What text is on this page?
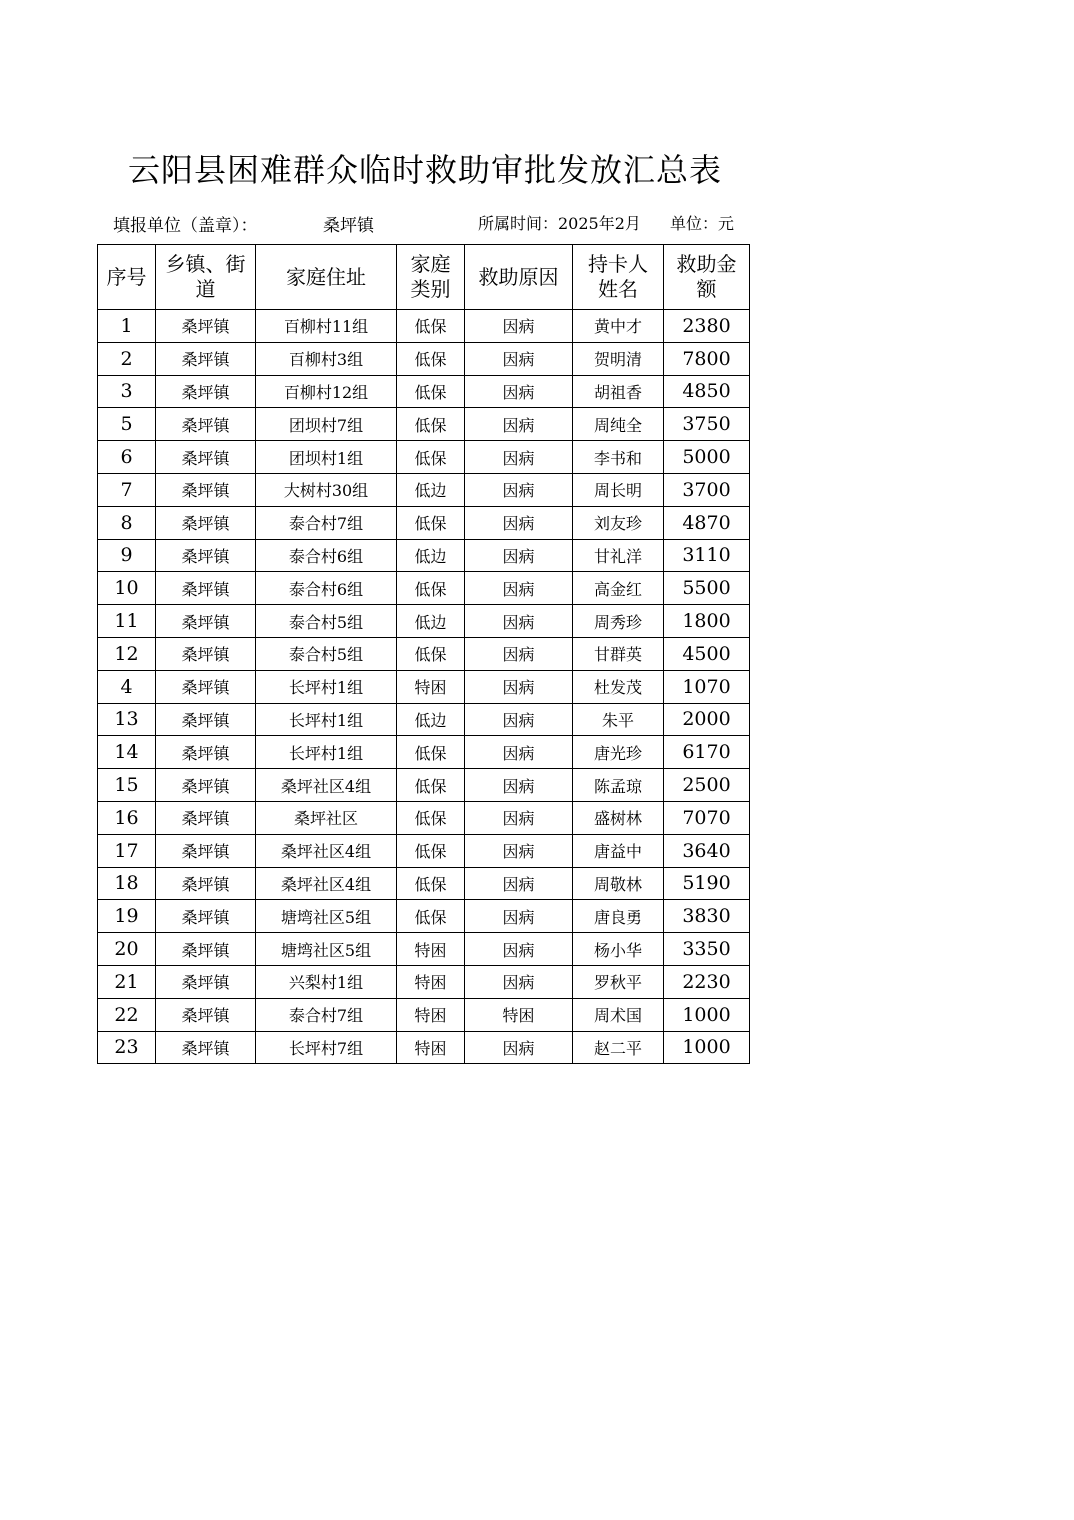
云阳县困难群众临时救助审批发放汇总表
填报单位（盖章）：	桑坪镇	所属时间：2025年2月 单位：元
序号	乡镇、街道	家庭住址	家庭类别	救助原因	持卡人姓名	救助金额
1	桑坪镇	百柳村11组	低保	因病	黄中才	2380
2	桑坪镇	百柳村3组	低保	因病	贺明清	7800
3	桑坪镇	百柳村12组	低保	因病	胡祖香	4850
5	桑坪镇	团坝村7组	低保	因病	周纯全	3750
6	桑坪镇	团坝村1组	低保	因病	李书和	5000
7	桑坪镇	大树村30组	低边	因病	周长明	3700
8	桑坪镇	泰合村7组	低保	因病	刘友珍	4870
9	桑坪镇	泰合村6组	低边	因病	甘礼洋	3110
10	桑坪镇	泰合村6组	低保	因病	高金红	5500
11	桑坪镇	泰合村5组	低边	因病	周秀珍	1800
12	桑坪镇	泰合村5组	低保	因病	甘群英	4500
4	桑坪镇	长坪村1组	特困	因病	杜发茂	1070
13	桑坪镇	长坪村1组	低边	因病	朱平	2000
14	桑坪镇	长坪村1组	低保	因病	唐光珍	6170
15	桑坪镇	桑坪社区4组	低保	因病	陈孟琼	2500
16	桑坪镇	桑坪社区	低保	因病	盛树林	7070
17	桑坪镇	桑坪社区4组	低保	因病	唐益中	3640
18	桑坪镇	桑坪社区4组	低保	因病	周敬林	5190
19	桑坪镇	塘塆社区5组	低保	因病	唐良勇	3830
20	桑坪镇	塘塆社区5组	特困	因病	杨小华	3350
21	桑坪镇	兴梨村1组	特困	因病	罗秋平	2230
22	桑坪镇	泰合村7组	特困	特困	周术国	1000
23	桑坪镇	长坪村7组	特困	因病	赵二平	1000
